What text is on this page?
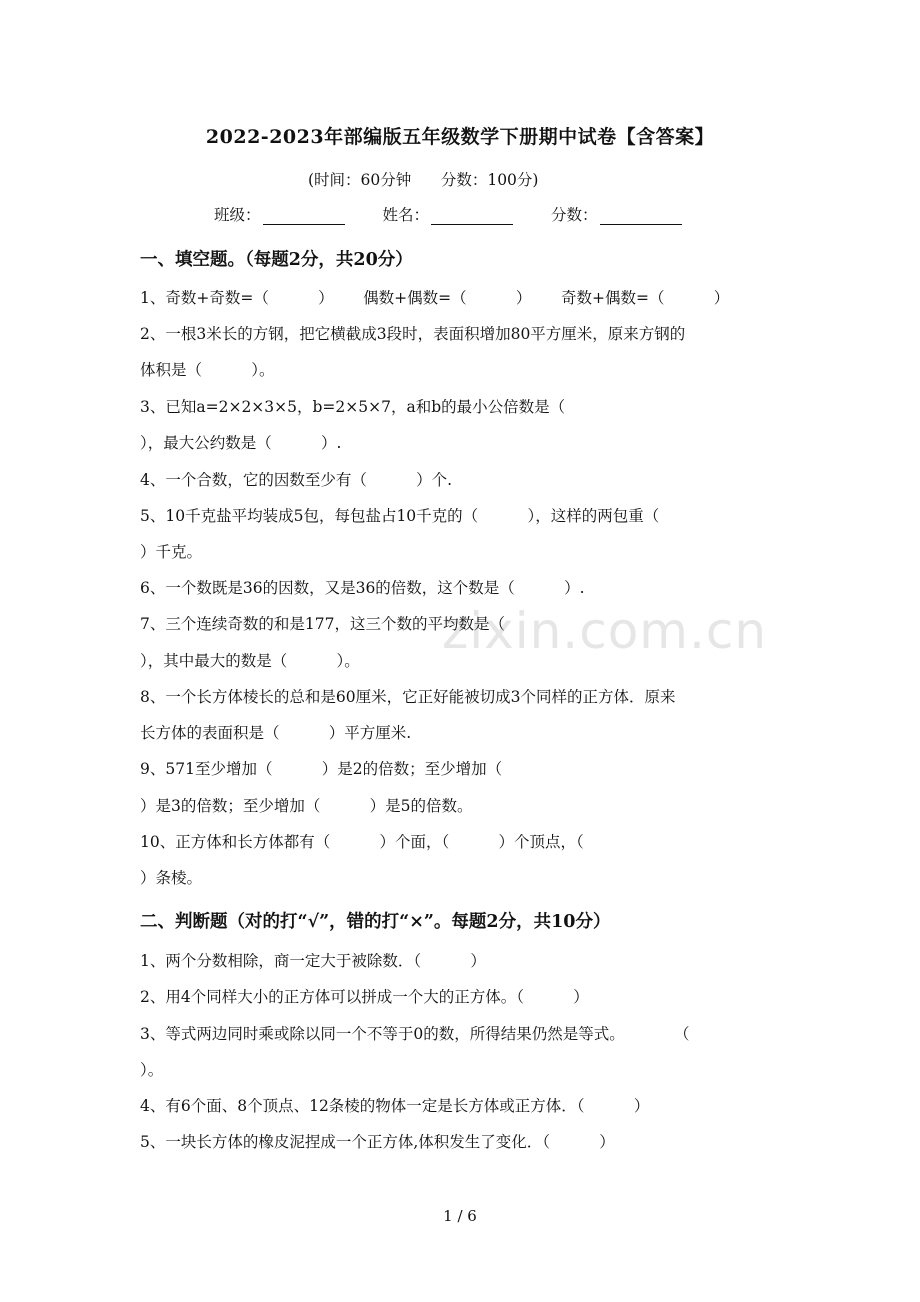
zixin.com.cn
2022-2023年部编版五年级数学下册期中试卷【含答案】
(时间：60分钟      分数：100分)
班级：	姓名：	分数：
一、填空题。（每题2分，共20分）
1、奇数+奇数=（          ）      偶数+偶数=（          ）      奇数+偶数=（          ）
2、一根3米长的方钢，把它横截成3段时，表面积增加80平方厘米，原来方钢的
体积是（          ）。
3、已知a=2×2×3×5，b=2×5×7，a和b的最小公倍数是（
），最大公约数是（          ）.
4、一个合数，它的因数至少有（          ）个.
5、10千克盐平均装成5包，每包盐占10千克的（          ），这样的两包重（
）千克。
6、一个数既是36的因数，又是36的倍数，这个数是（          ）.
7、三个连续奇数的和是177，这三个数的平均数是（
），其中最大的数是（          ）。
8、一个长方体棱长的总和是60厘米，它正好能被切成3个同样的正方体．原来
长方体的表面积是（          ）平方厘米.
9、571至少增加（          ）是2的倍数；至少增加（
）是3的倍数；至少增加（          ）是5的倍数。
10、正方体和长方体都有（          ）个面，（          ）个顶点，（
）条棱。
二、判断题（对的打“√”，错的打“×”。每题2分，共10分）
1、两个分数相除，商一定大于被除数．（          ）
2、用4个同样大小的正方体可以拼成一个大的正方体。（          ）
3、等式两边同时乘或除以同一个不等于0的数，所得结果仍然是等式。          （
）。
4、有6个面、8个顶点、12条棱的物体一定是长方体或正方体．（          ）
5、一块长方体的橡皮泥捏成一个正方体,体积发生了变化．（          ）
1 / 6
